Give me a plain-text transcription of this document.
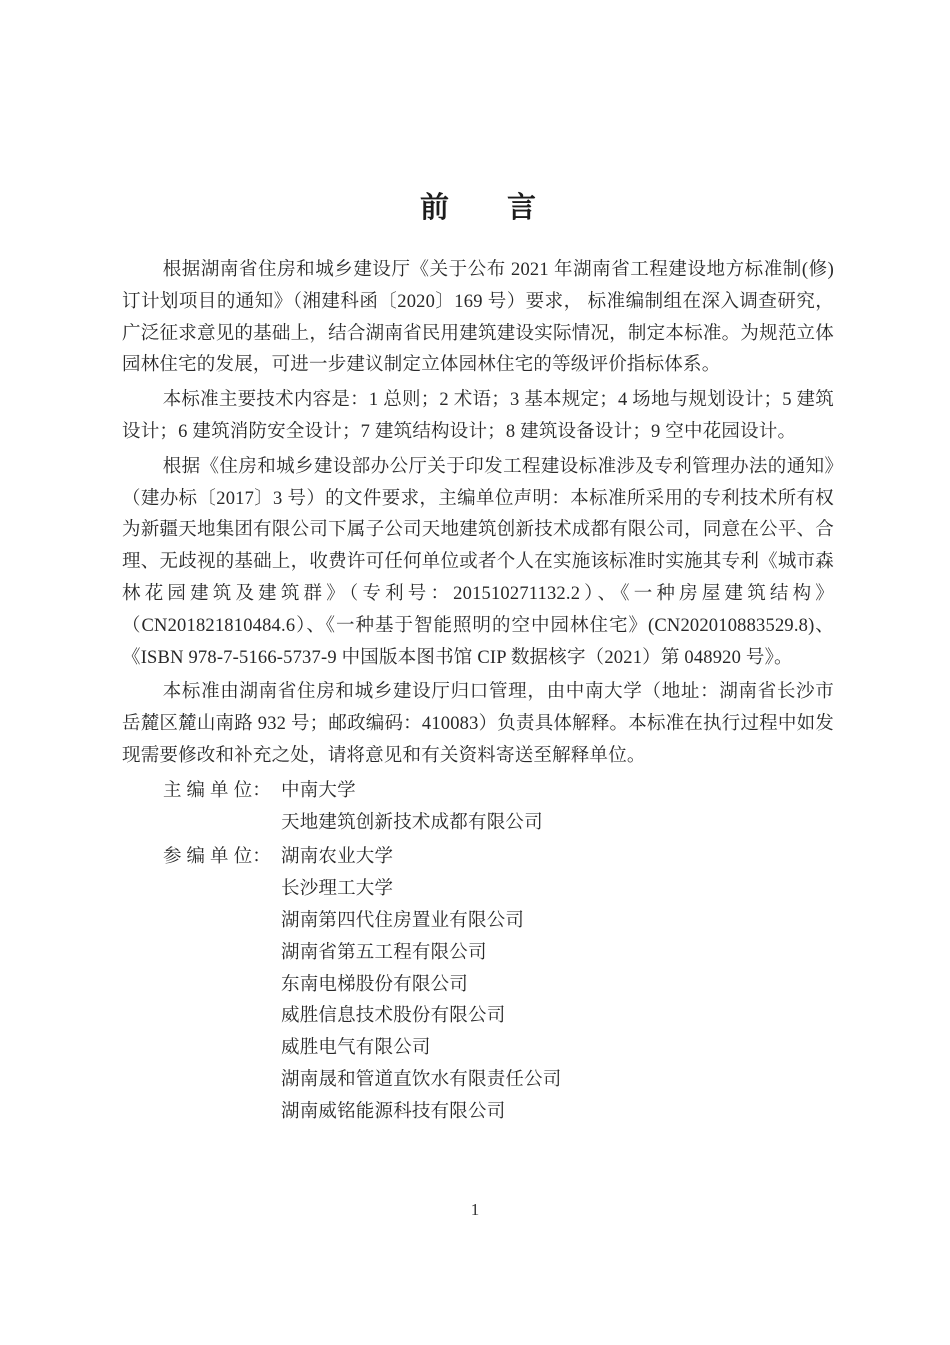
前　　言

根据湖南省住房和城乡建设厅《关于公布 2021 年湖南省工程建设地方标准制(修)订计划项目的通知》（湘建科函〔2020〕169 号）要求， 标准编制组在深入调查研究，广泛征求意见的基础上，结合湖南省民用建筑建设实际情况，制定本标准。为规范立体园林住宅的发展，可进一步建议制定立体园林住宅的等级评价指标体系。

本标准主要技术内容是：1 总则；2 术语；3 基本规定；4 场地与规划设计；5 建筑设计；6 建筑消防安全设计；7 建筑结构设计；8 建筑设备设计；9 空中花园设计。

根据《住房和城乡建设部办公厅关于印发工程建设标准涉及专利管理办法的通知》（建办标〔2017〕3 号）的文件要求，主编单位声明：本标准所采用的专利技术所有权为新疆天地集团有限公司下属子公司天地建筑创新技术成都有限公司，同意在公平、合理、无歧视的基础上，收费许可任何单位或者个人在实施该标准时实施其专利《城市森林花园建筑及建筑群》（专利号：201510271132.2）、《一种房屋建筑结构》（CN201821810484.6）、《一种基于智能照明的空中园林住宅》(CN202010883529.8)、《ISBN 978-7-5166-5737-9 中国版本图书馆 CIP 数据核字（2021）第 048920 号》。

本标准由湖南省住房和城乡建设厅归口管理，由中南大学（地址：湖南省长沙市岳麓区麓山南路 932 号；邮政编码：410083）负责具体解释。本标准在执行过程中如发现需要修改和补充之处，请将意见和有关资料寄送至解释单位。

主 编 单 位： 中南大学
天地建筑创新技术成都有限公司
参 编 单 位： 湖南农业大学
长沙理工大学
湖南第四代住房置业有限公司
湖南省第五工程有限公司
东南电梯股份有限公司
威胜信息技术股份有限公司
威胜电气有限公司
湖南晟和管道直饮水有限责任公司
湖南威铭能源科技有限公司
1
